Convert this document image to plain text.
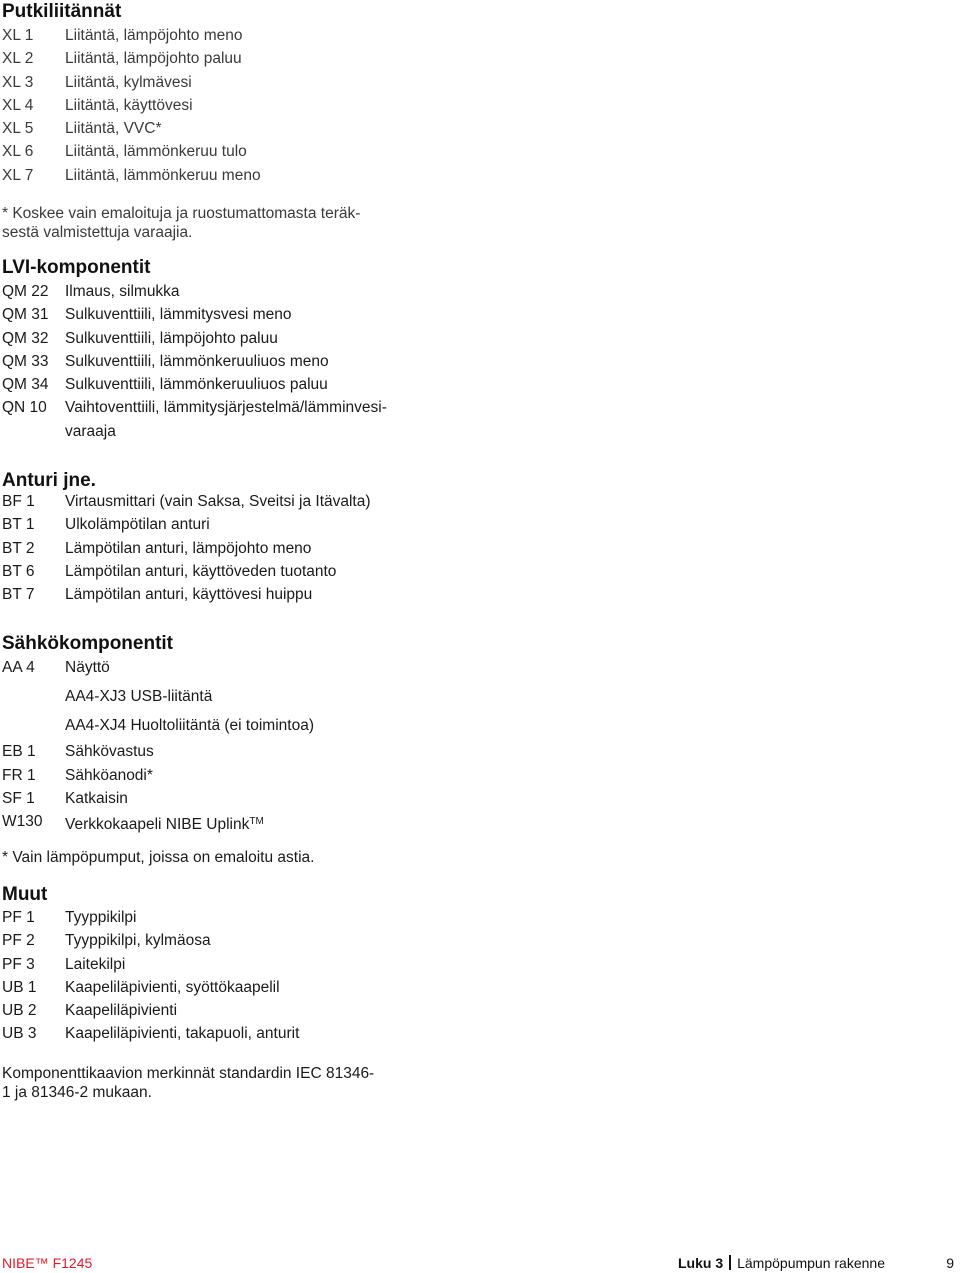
Putkiliitännät
XL 1 Liitäntä, lämpöjohto meno
XL 2 Liitäntä, lämpöjohto paluu
XL 3 Liitäntä, kylmävesi
XL 4 Liitäntä, käyttövesi
XL 5 Liitäntä, VVC*
XL 6 Liitäntä, lämmönkeruu tulo
XL 7 Liitäntä, lämmönkeruu meno
* Koskee vain emaloituja ja ruostumattomasta teräk-
sestä valmistettuja varaajia.
LVI-komponentit
QM 22 Ilmaus, silmukka
QM 31 Sulkuventtiili, lämmitysvesi meno
QM 32 Sulkuventtiili, lämpöjohto paluu
QM 33 Sulkuventtiili, lämmönkeruuliuos meno
QM 34 Sulkuventtiili, lämmönkeruuliuos paluu
QN 10 Vaihtoventtiili, lämmitysjärjestelmä/lämminvesi-
varaaja
Anturi jne.
BF 1 Virtausmittari (vain Saksa, Sveitsi ja Itävalta)
BT 1 Ulkolämpötilan anturi
BT 2 Lämpötilan anturi, lämpöjohto meno
BT 6 Lämpötilan anturi, käyttöveden tuotanto
BT 7 Lämpötilan anturi, käyttövesi huippu
Sähkökomponentit
AA 4 Näyttö
AA4-XJ3 USB-liitäntä
AA4-XJ4 Huoltoliitäntä (ei toimintoa)
EB 1 Sähkövastus
FR 1 Sähköanodi*
SF 1 Katkaisin
W130 Verkkokaapeli NIBE Uplink™
* Vain lämpöpumput, joissa on emaloitu astia.
Muut
PF 1 Tyyppikilpi
PF 2 Tyyppikilpi, kylmäosa
PF 3 Laitekilpi
UB 1 Kaapeliläpivienti, syöttökaapelil
UB 2 Kaapeliläpivienti
UB 3 Kaapeliläpivienti, takapuoli, anturit
Komponenttikaavion merkinnät standardin IEC 81346-
1 ja 81346-2 mukaan.
NIBE™ F1245	Luku 3 Lämpöpumpun rakenne	9
